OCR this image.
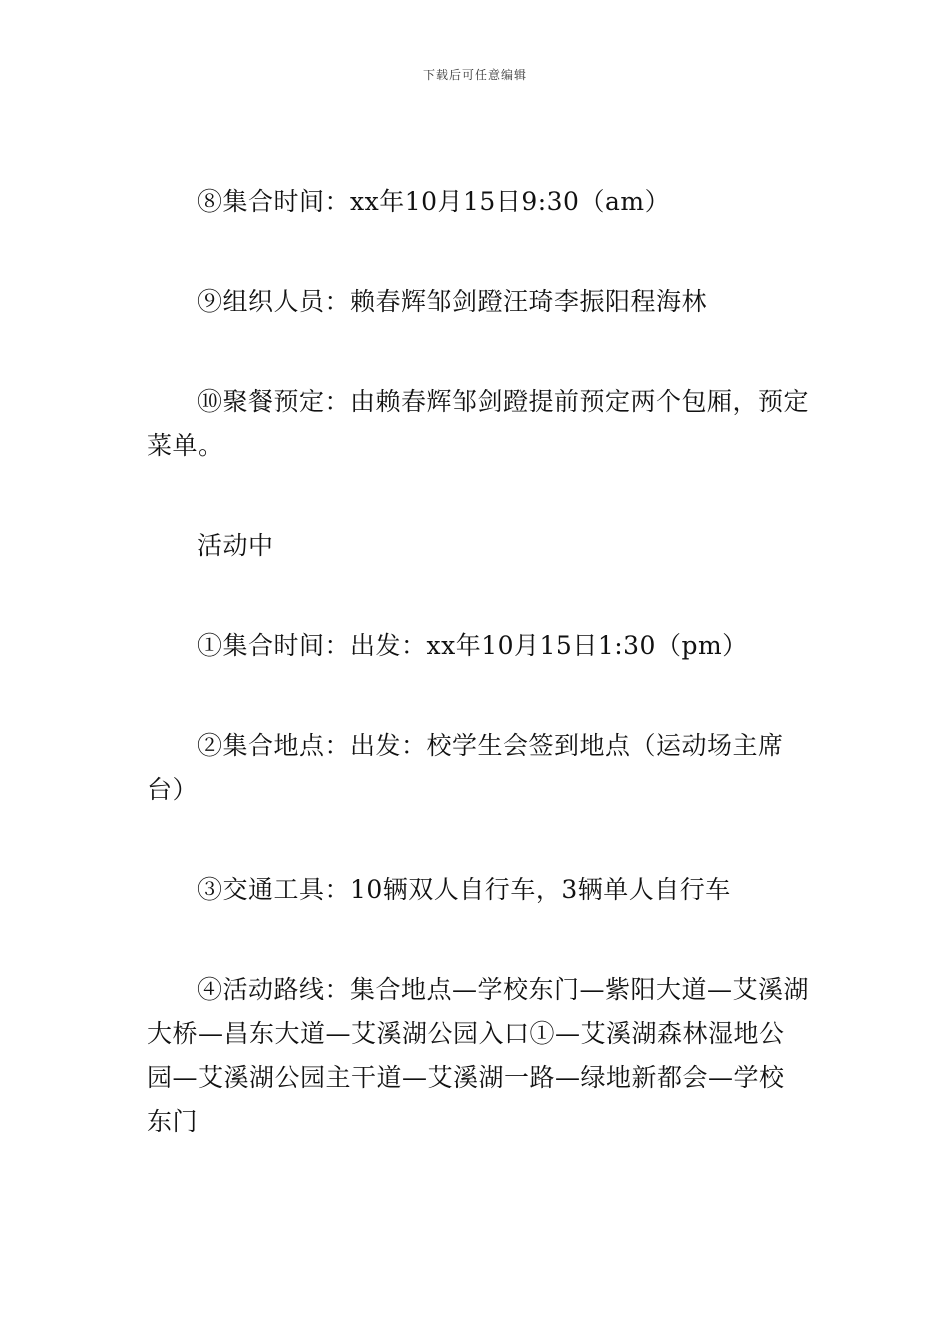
下载后可任意编辑

⑧集合时间：xx年10月15日9:30（am）

⑨组织人员：赖春辉邹剑蹬汪琦李振阳程海林

⑩聚餐预定：由赖春辉邹剑蹬提前预定两个包厢，预定菜单。

活动中

①集合时间：出发：xx年10月15日1:30（pm）

②集合地点：出发：校学生会签到地点（运动场主席台）

③交通工具：10辆双人自行车，3辆单人自行车

④活动路线：集合地点—学校东门—紫阳大道—艾溪湖大桥—昌东大道—艾溪湖公园入口①—艾溪湖森林湿地公园—艾溪湖公园主干道—艾溪湖一路—绿地新都会—学校东门
